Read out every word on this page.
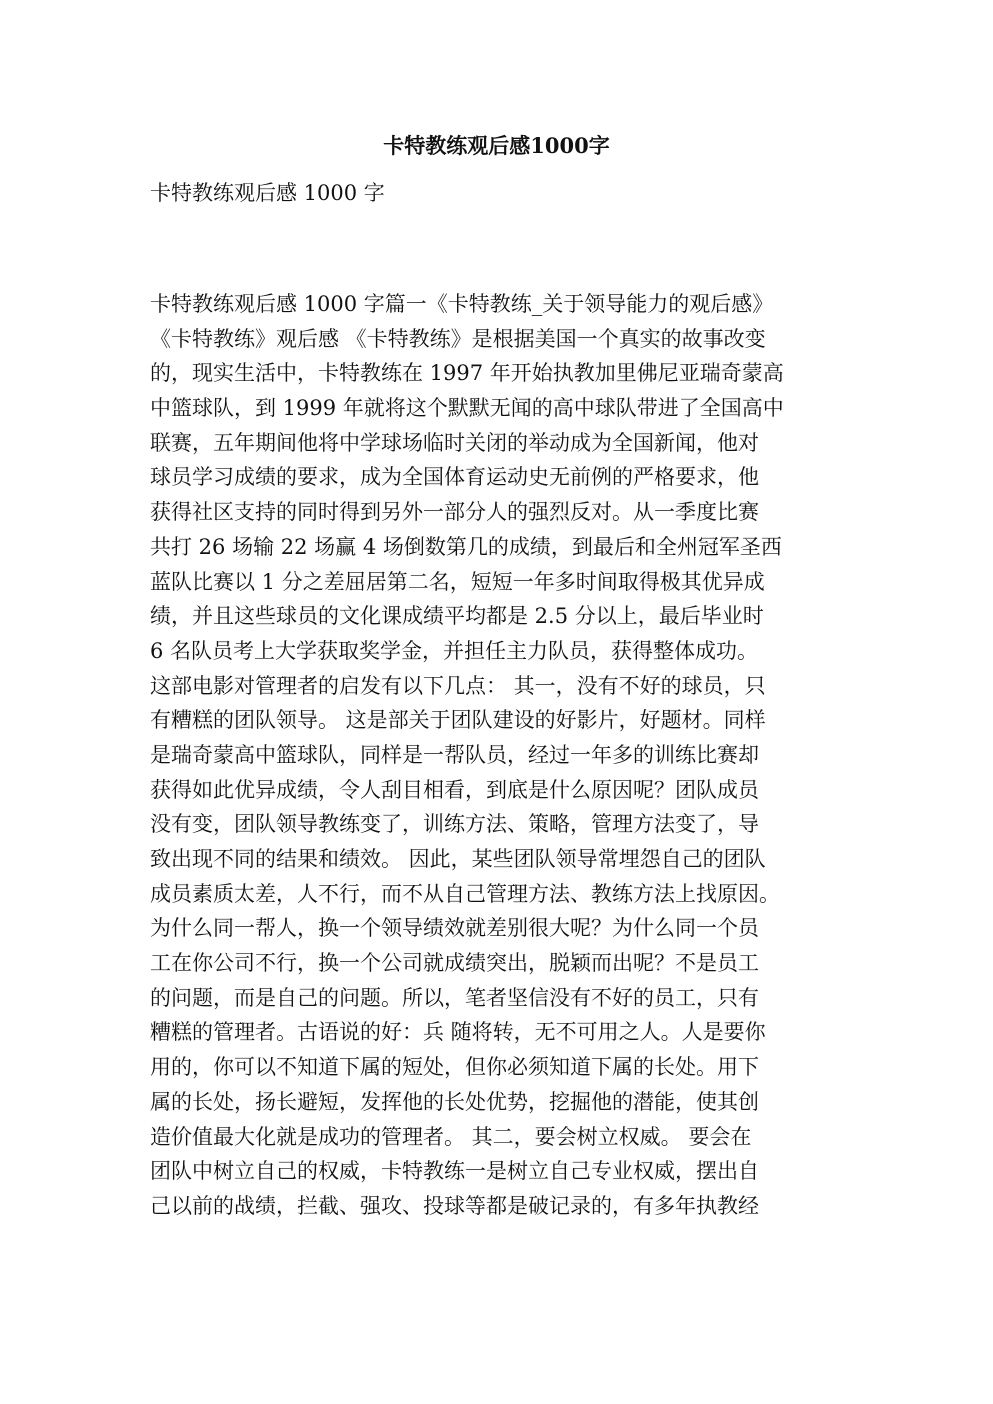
卡特教练观后感1000字
卡特教练观后感 1000 字
卡特教练观后感 1000 字篇一《卡特教练_关于领导能力的观后感》
《卡特教练》观后感 《卡特教练》是根据美国一个真实的故事改变
的，现实生活中，卡特教练在 1997 年开始执教加里佛尼亚瑞奇蒙高
中篮球队，到 1999 年就将这个默默无闻的高中球队带进了全国高中
联赛，五年期间他将中学球场临时关闭的举动成为全国新闻，他对
球员学习成绩的要求，成为全国体育运动史无前例的严格要求，他
获得社区支持的同时得到另外一部分人的强烈反对。从一季度比赛
共打 26 场输 22 场赢 4 场倒数第几的成绩，到最后和全州冠军圣西
蓝队比赛以 1 分之差屈居第二名，短短一年多时间取得极其优异成
绩，并且这些球员的文化课成绩平均都是 2.5 分以上，最后毕业时
6 名队员考上大学获取奖学金，并担任主力队员，获得整体成功。
这部电影对管理者的启发有以下几点： 其一，没有不好的球员，只
有糟糕的团队领导。 这是部关于团队建设的好影片，好题材。同样
是瑞奇蒙高中篮球队，同样是一帮队员，经过一年多的训练比赛却
获得如此优异成绩，令人刮目相看，到底是什么原因呢？团队成员
没有变，团队领导教练变了，训练方法、策略，管理方法变了，导
致出现不同的结果和绩效。 因此，某些团队领导常埋怨自己的团队
成员素质太差，人不行，而不从自己管理方法、教练方法上找原因。
为什么同一帮人，换一个领导绩效就差别很大呢？为什么同一个员
工在你公司不行，换一个公司就成绩突出，脱颖而出呢？不是员工
的问题，而是自己的问题。所以，笔者坚信没有不好的员工，只有
糟糕的管理者。古语说的好：兵 随将转，无不可用之人。人是要你
用的，你可以不知道下属的短处，但你必须知道下属的长处。用下
属的长处，扬长避短，发挥他的长处优势，挖掘他的潜能，使其创
造价值最大化就是成功的管理者。 其二，要会树立权威。 要会在
团队中树立自己的权威，卡特教练一是树立自己专业权威，摆出自
己以前的战绩，拦截、强攻、投球等都是破记录的，有多年执教经
